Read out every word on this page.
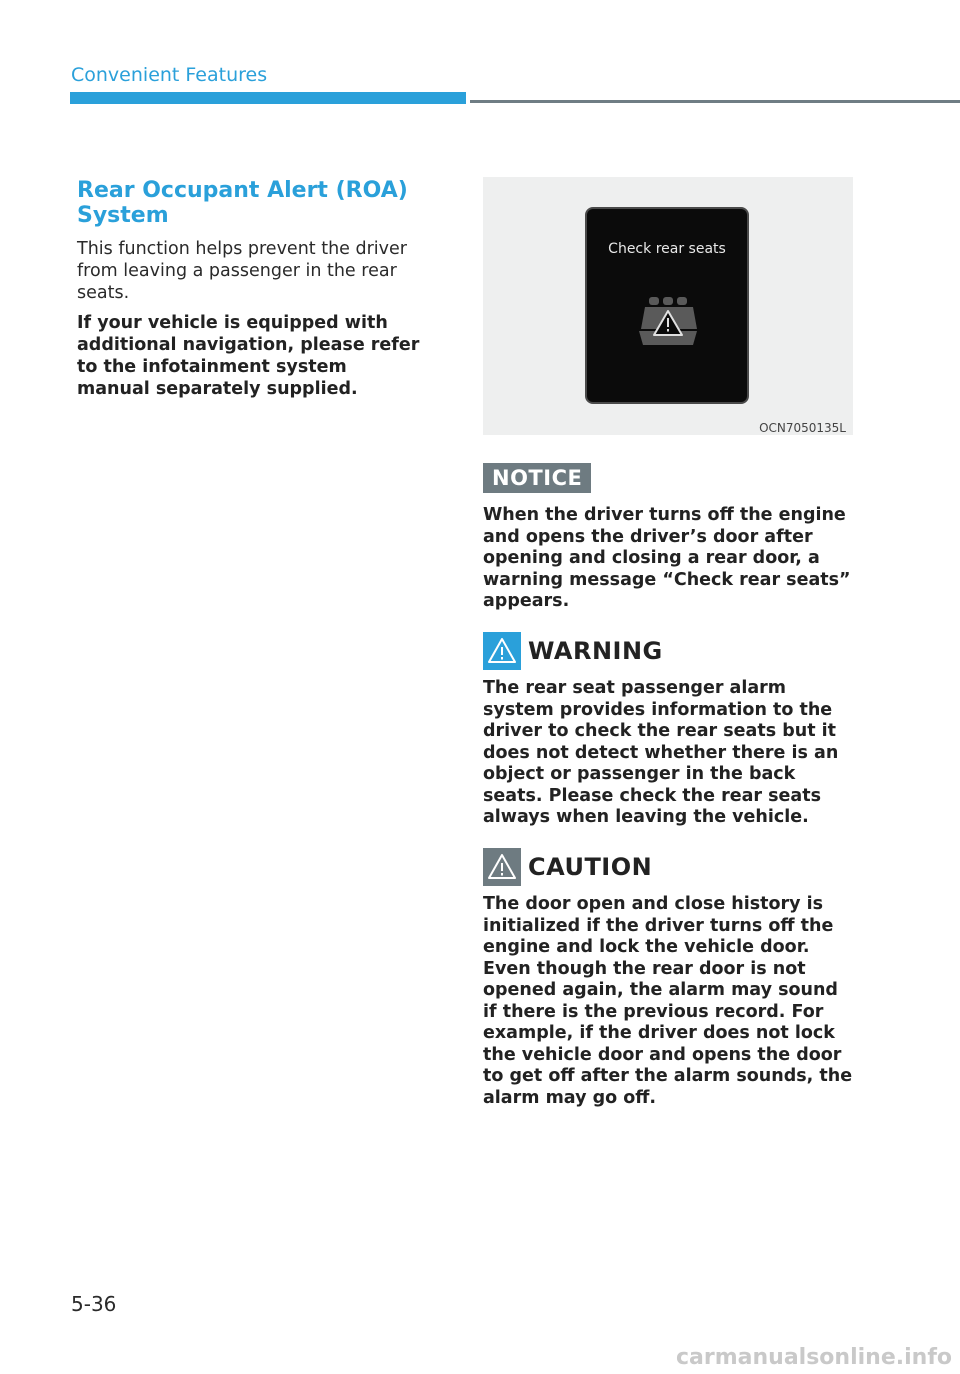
Convenient Features
Rear Occupant Alert (ROA) System

This function helps prevent the driver from leaving a passenger in the rear seats.

If your vehicle is equipped with additional navigation, please refer to the infotainment system manual separately supplied.

Check rear seats
OCN7050135L
NOTICE

When the driver turns off the engine and opens the driver’s door after opening and closing a rear door, a warning message “Check rear seats” appears.

WARNING

The rear seat passenger alarm system provides information to the driver to check the rear seats but it does not detect whether there is an object or passenger in the back seats. Please check the rear seats always when leaving the vehicle.

CAUTION

The door open and close history is initialized if the driver turns off the engine and lock the vehicle door. Even though the rear door is not opened again, the alarm may sound if there is the previous record. For example, if the driver does not lock the vehicle door and opens the door to get off after the alarm sounds, the alarm may go off.

5-36
carmanualsonline.info
